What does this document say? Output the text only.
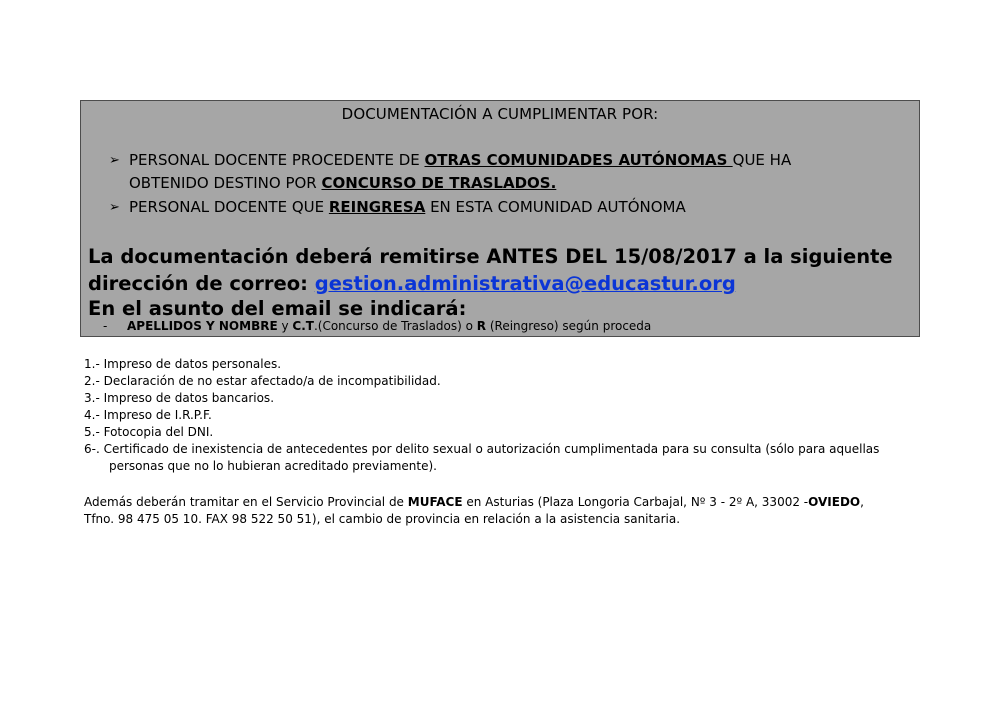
DOCUMENTACIÓN A CUMPLIMENTAR POR:
➢ PERSONAL DOCENTE PROCEDENTE DE OTRAS COMUNIDADES AUTÓNOMAS QUE HA
OBTENIDO DESTINO POR CONCURSO DE TRASLADOS.
➢ PERSONAL DOCENTE QUE REINGRESA EN ESTA COMUNIDAD AUTÓNOMA
La documentación deberá remitirse ANTES DEL 15/08/2017 a la siguiente
dirección de correo: gestion.administrativa@educastur.org
En el asunto del email se indicará:
- APELLIDOS Y NOMBRE y C.T.(Concurso de Traslados) o R (Reingreso) según proceda
1.- Impreso de datos personales.
2.- Declaración de no estar afectado/a de incompatibilidad.
3.- Impreso de datos bancarios.
4.- Impreso de I.R.P.F.
5.- Fotocopia del DNI.
6-. Certificado de inexistencia de antecedentes por delito sexual o autorización cumplimentada para su consulta (sólo para aquellas
personas que no lo hubieran acreditado previamente).
Además deberán tramitar en el Servicio Provincial de MUFACE en Asturias (Plaza Longoria Carbajal, Nº 3 - 2º A, 33002 -OVIEDO,
Tfno. 98 475 05 10. FAX 98 522 50 51), el cambio de provincia en relación a la asistencia sanitaria.
